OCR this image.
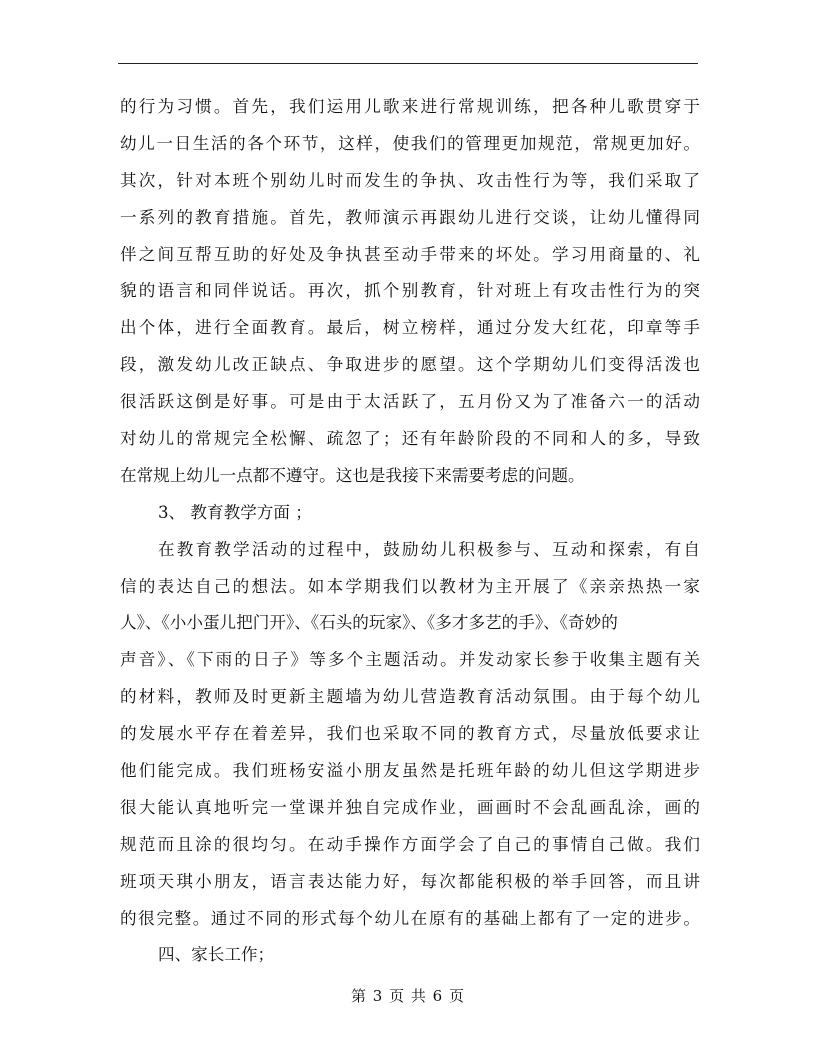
的行为习惯。首先，我们运用儿歌来进行常规训练，把各种儿歌贯穿于
幼儿一日生活的各个环节，这样，使我们的管理更加规范，常规更加好。
其次，针对本班个别幼儿时而发生的争执、攻击性行为等，我们采取了
一系列的教育措施。首先，教师演示再跟幼儿进行交谈，让幼儿懂得同
伴之间互帮互助的好处及争执甚至动手带来的坏处。学习用商量的、礼
貌的语言和同伴说话。再次，抓个别教育，针对班上有攻击性行为的突
出个体，进行全面教育。最后，树立榜样，通过分发大红花，印章等手
段，激发幼儿改正缺点、争取进步的愿望。这个学期幼儿们变得活泼也
很活跃这倒是好事。可是由于太活跃了，五月份又为了准备六一的活动
对幼儿的常规完全松懈、疏忽了；还有年龄阶段的不同和人的多，导致
在常规上幼儿一点都不遵守。这也是我接下来需要考虑的问题。
3、 教育教学方面 ；
在教育教学活动的过程中，鼓励幼儿积极参与、互动和探索，有自
信的表达自己的想法。如本学期我们以教材为主开展了《亲亲热热一家
人》、《小小蛋儿把门开》、《石头的玩家》、《多才多艺的手》、《奇妙的
声音》、《下雨的日子》等多个主题活动。并发动家长参于收集主题有关
的材料，教师及时更新主题墙为幼儿营造教育活动氛围。由于每个幼儿
的发展水平存在着差异，我们也采取不同的教育方式，尽量放低要求让
他们能完成。我们班杨安溢小朋友虽然是托班年龄的幼儿但这学期进步
很大能认真地听完一堂课并独自完成作业，画画时不会乱画乱涂，画的
规范而且涂的很均匀。在动手操作方面学会了自己的事情自己做。我们
班项天琪小朋友，语言表达能力好，每次都能积极的举手回答，而且讲
的很完整。通过不同的形式每个幼儿在原有的基础上都有了一定的进步。
四、家长工作；
第 3 页 共 6 页
